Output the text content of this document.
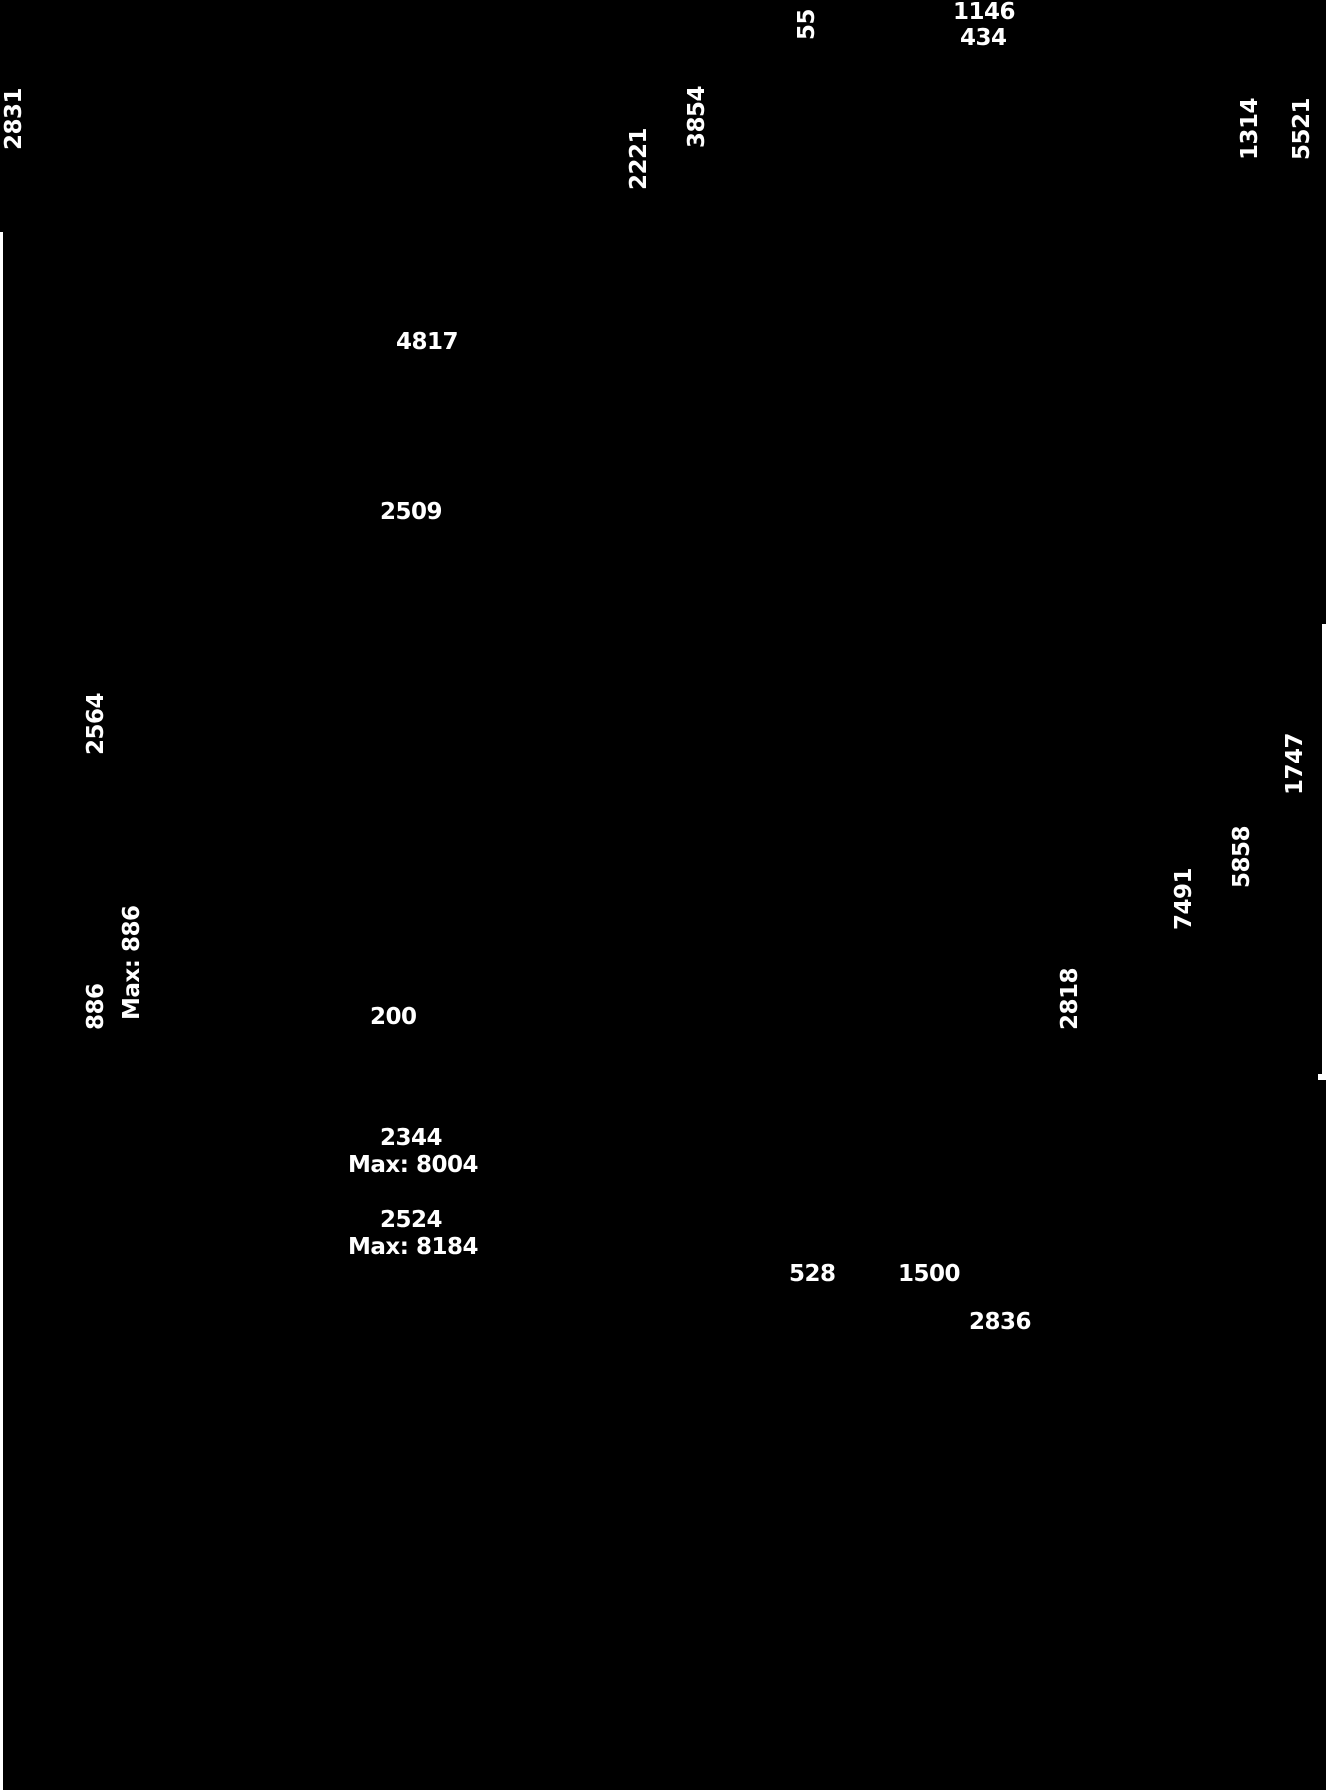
1146
434
55
2831	3854
2221	1314 5521
4817
2509
2564
1747
5858
7491
200
886 Max: 886	2818
2344
Max: 8004
2524
Max: 8184
528	1500
2836
